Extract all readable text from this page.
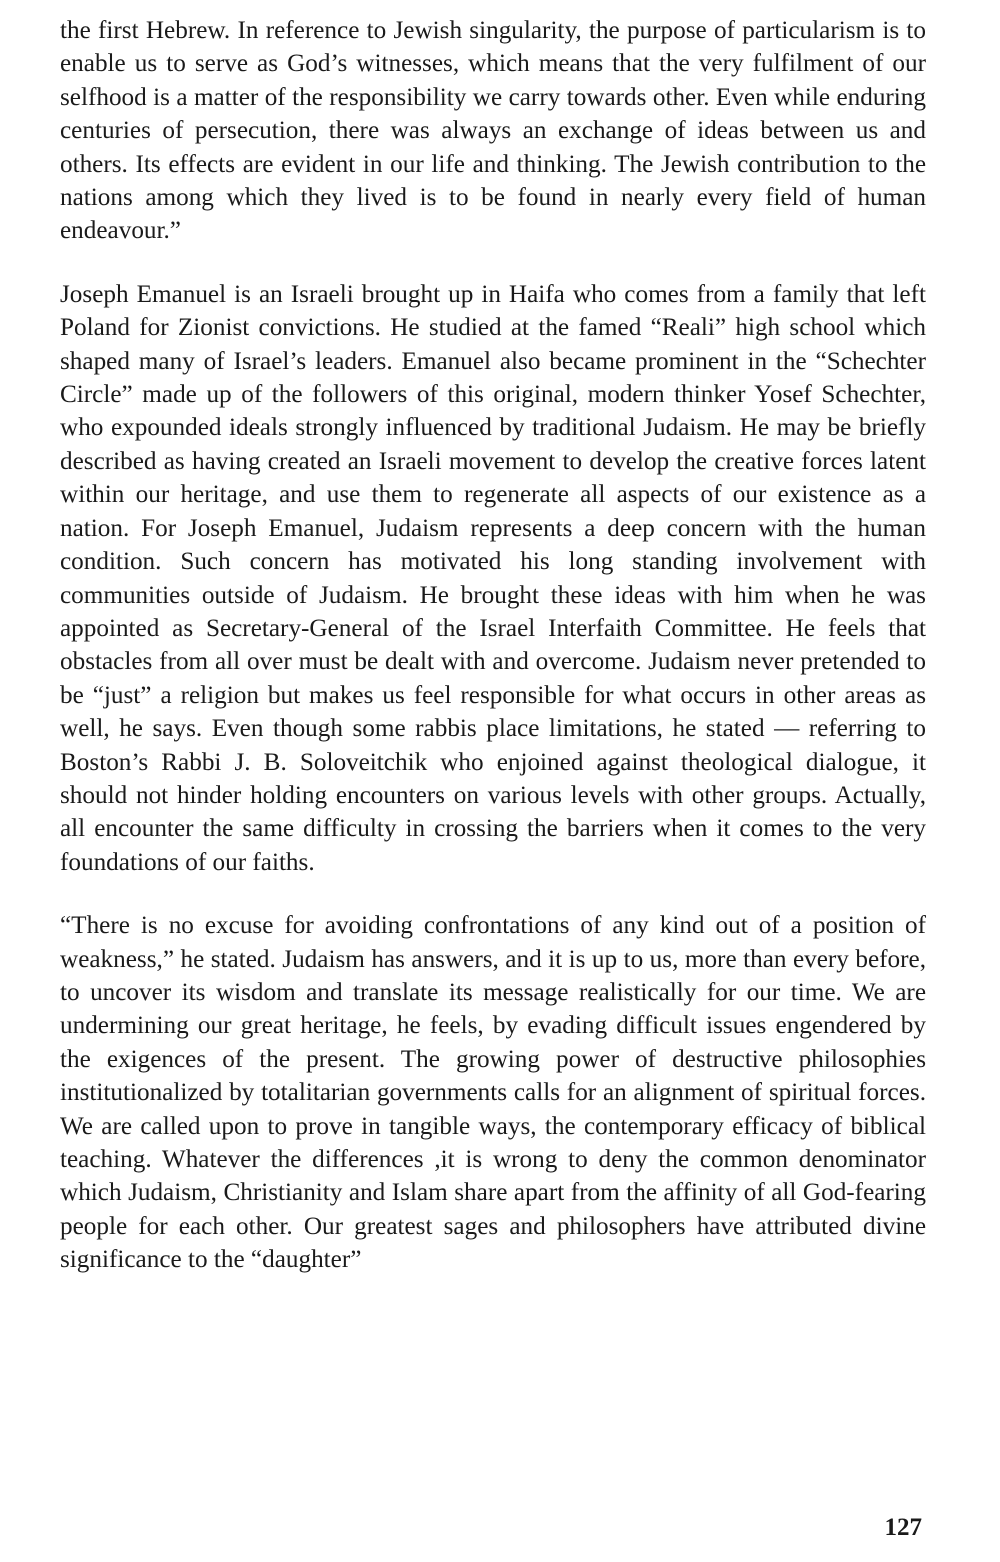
the first Hebrew. In reference to Jewish singularity, the purpose of particularism is to enable us to serve as God’s witnesses, which means that the very fulfilment of our selfhood is a matter of the responsibility we carry towards other. Even while enduring centuries of persecution, there was always an exchange of ideas between us and others. Its effects are evident in our life and thinking. The Jewish contribution to the nations among which they lived is to be found in nearly every field of human endeavour.”

Joseph Emanuel is an Israeli brought up in Haifa who comes from a family that left Poland for Zionist convictions. He studied at the famed “Reali” high school which shaped many of Israel’s leaders. Emanuel also became prominent in the “Schechter Circle” made up of the followers of this original, modern thinker Yosef Schechter, who expounded ideals strongly influenced by traditional Judaism. He may be briefly described as having created an Israeli movement to develop the creative forces latent within our heritage, and use them to regenerate all aspects of our existence as a nation. For Joseph Emanuel, Judaism represents a deep concern with the human condition. Such concern has motivated his long standing involvement with communities outside of Judaism. He brought these ideas with him when he was appointed as Secretary-General of the Israel Interfaith Committee. He feels that obstacles from all over must be dealt with and overcome. Judaism never pretended to be “just” a religion but makes us feel responsible for what occurs in other areas as well, he says. Even though some rabbis place limitations, he stated — referring to Boston’s Rabbi J. B. Soloveitchik who enjoined against theological dialogue, it should not hinder holding encounters on various levels with other groups. Actually, all encounter the same difficulty in crossing the barriers when it comes to the very foundations of our faiths.

“There is no excuse for avoiding confrontations of any kind out of a position of weakness,” he stated. Judaism has answers, and it is up to us, more than every before, to uncover its wisdom and translate its message realistically for our time. We are undermining our great heritage, he feels, by evading difficult issues engendered by the exigences of the present. The growing power of destructive philosophies institutionalized by totalitarian governments calls for an alignment of spiritual forces. We are called upon to prove in tangible ways, the contemporary efficacy of biblical teaching. Whatever the differences ,it is wrong to deny the common denominator which Judaism, Christianity and Islam share apart from the affinity of all God-fearing people for each other. Our greatest sages and philosophers have attributed divine significance to the “daughter”

127
